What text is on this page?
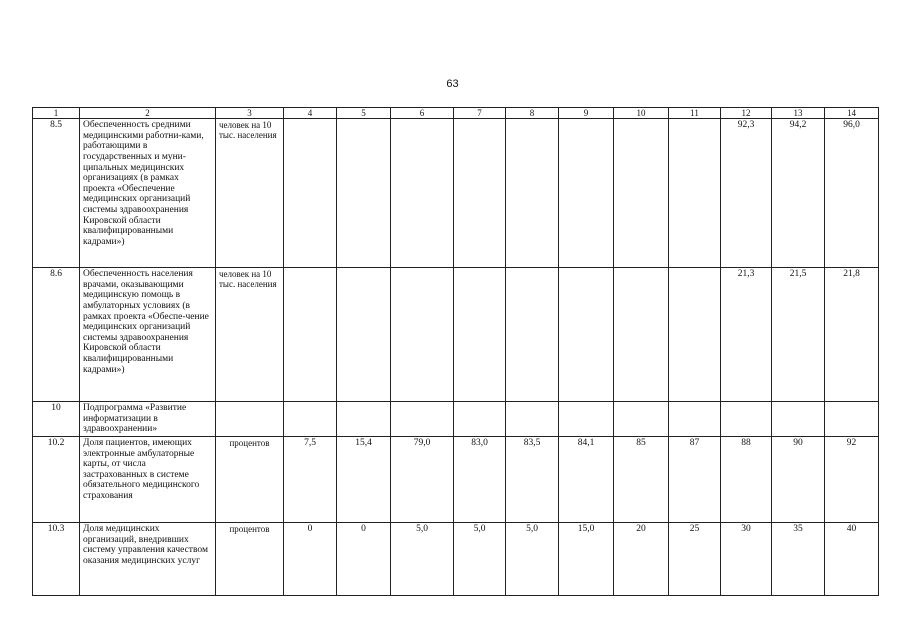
63
1	2	3	4	5	6	7	8	9	10	11	12	13	14
8.5	Обеспеченность средними медицинскими работни-ками, работающими в государственных и муни-ципальных медицинских организациях (в рамках проекта «Обеспечение медицинских организаций системы здравоохранения Кировской области квалифицированными кадрами»)	человек на 10 тыс. населения									92,3	94,2	96,0
8.6	Обеспеченность населения врачами, оказывающими медицинскую помощь в амбулаторных условиях (в рамках проекта «Обеспе-чение медицинских организаций системы здравоохранения Кировской области квалифицированными кадрами»)	человек на 10 тыс. населения									21,3	21,5	21,8
10	Подпрограмма «Развитие информатизации в здравоохранении»												
10.2	Доля пациентов, имеющих электронные амбулаторные карты, от числа застрахованных в системе обязательного медицинского страхования	процентов	7,5	15,4	79,0	83,0	83,5	84,1	85	87	88	90	92
10.3	Доля медицинских организаций, внедривших систему управления качеством оказания медицинских услуг	процентов	0	0	5,0	5,0	5,0	15,0	20	25	30	35	40
